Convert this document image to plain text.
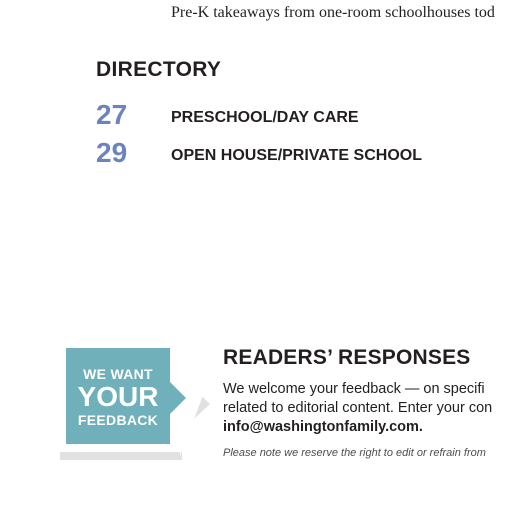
Pre-K takeaways from one-room schoolhouses tod
DIRECTORY
27	PRESCHOOL/DAY CARE
29	OPEN HOUSE/PRIVATE SCHOOL
WE WANT
YOUR
FEEDBACK
READERS’ RESPONSES
We welcome your feedback — on specifi
related to editorial content. Enter your con
info@washingtonfamily.com.
Please note we reserve the right to edit or refrain from
